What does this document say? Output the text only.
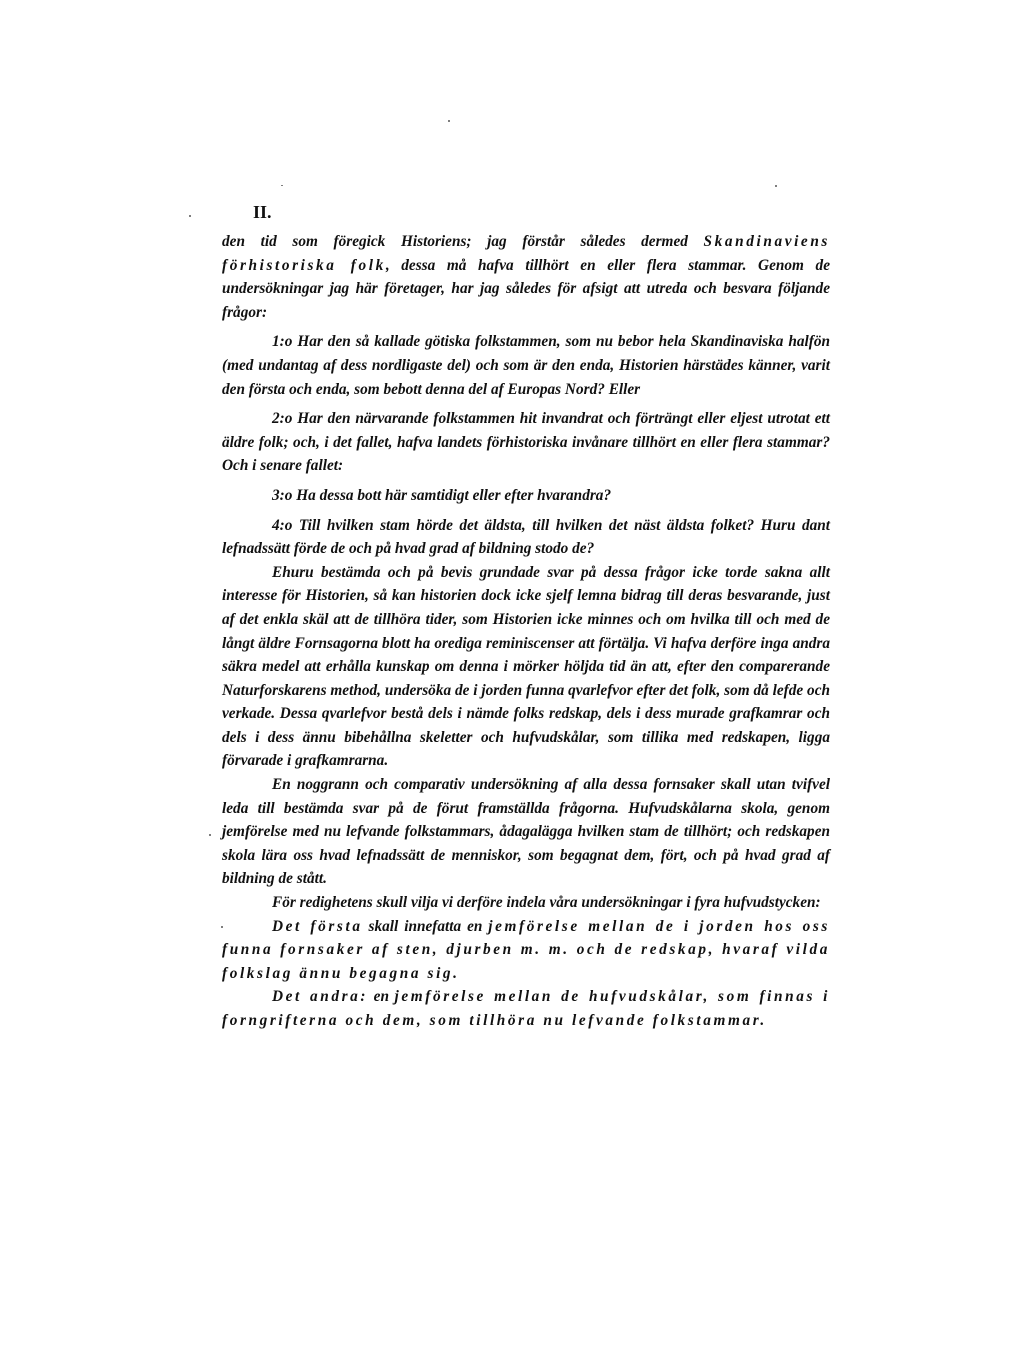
II.

den tid som föregick Historiens; jag förstår således dermed Skandinaviens förhistoriska folk, dessa må hafva tillhört en eller flera stammar. Genom de undersökningar jag här företager, har jag således för afsigt att utreda och besvara följande frågor:

1:o Har den så kallade götiska folkstammen, som nu bebor hela Skandinaviska halfön (med undantag af dess nordligaste del) och som är den enda, Historien härstädes känner, varit den första och enda, som bebott denna del af Europas Nord? Eller

2:o Har den närvarande folkstammen hit invandrat och förträngt eller eljest utrotat ett äldre folk; och, i det fallet, hafva landets förhistoriska invånare tillhört en eller flera stammar? Och i senare fallet:

3:o Ha dessa bott här samtidigt eller efter hvarandra?

4:o Till hvilken stam hörde det äldsta, till hvilken det näst äldsta folket? Huru dant lefnadssätt förde de och på hvad grad af bildning stodo de?

Ehuru bestämda och på bevis grundade svar på dessa frågor icke torde sakna allt interesse för Historien, så kan historien dock icke sjelf lemna bidrag till deras besvarande, just af det enkla skäl att de tillhöra tider, som Historien icke minnes och om hvilka till och med de långt äldre Fornsagorna blott ha orediga reminiscenser att förtälja. Vi hafva derföre inga andra säkra medel att erhålla kunskap om denna i mörker höljda tid än att, efter den comparerande Naturforskarens method, undersöka de i jorden funna qvarlefvor efter det folk, som då lefde och verkade. Dessa qvarlefvor bestå dels i nämde folks redskap, dels i dess murade grafkamrar och dels i dess ännu bibehållna skeletter och hufvudskålar, som tillika med redskapen, ligga förvarade i grafkamrarna.

En noggrann och comparativ undersökning af alla dessa fornsaker skall utan tvifvel leda till bestämda svar på de förut framställda frågorna. Hufvudskålarna skola, genom jemförelse med nu lefvande folkstammars, ådagalägga hvilken stam de tillhört; och redskapen skola lära oss hvad lefnadssätt de menniskor, som begagnat dem, fört, och på hvad grad af bildning de stått.

För redighetens skull vilja vi derföre indela våra undersökningar i fyra hufvudstycken:

Det första skall innefatta en jemförelse mellan de i jorden hos oss funna fornsaker af sten, djurben m. m. och de redskap, hvaraf vilda folkslag ännu begagna sig.

Det andra: en jemförelse mellan de hufvudskålar, som finnas i forngrifterna och dem, som tillhöra nu lefvande folkstammar.
